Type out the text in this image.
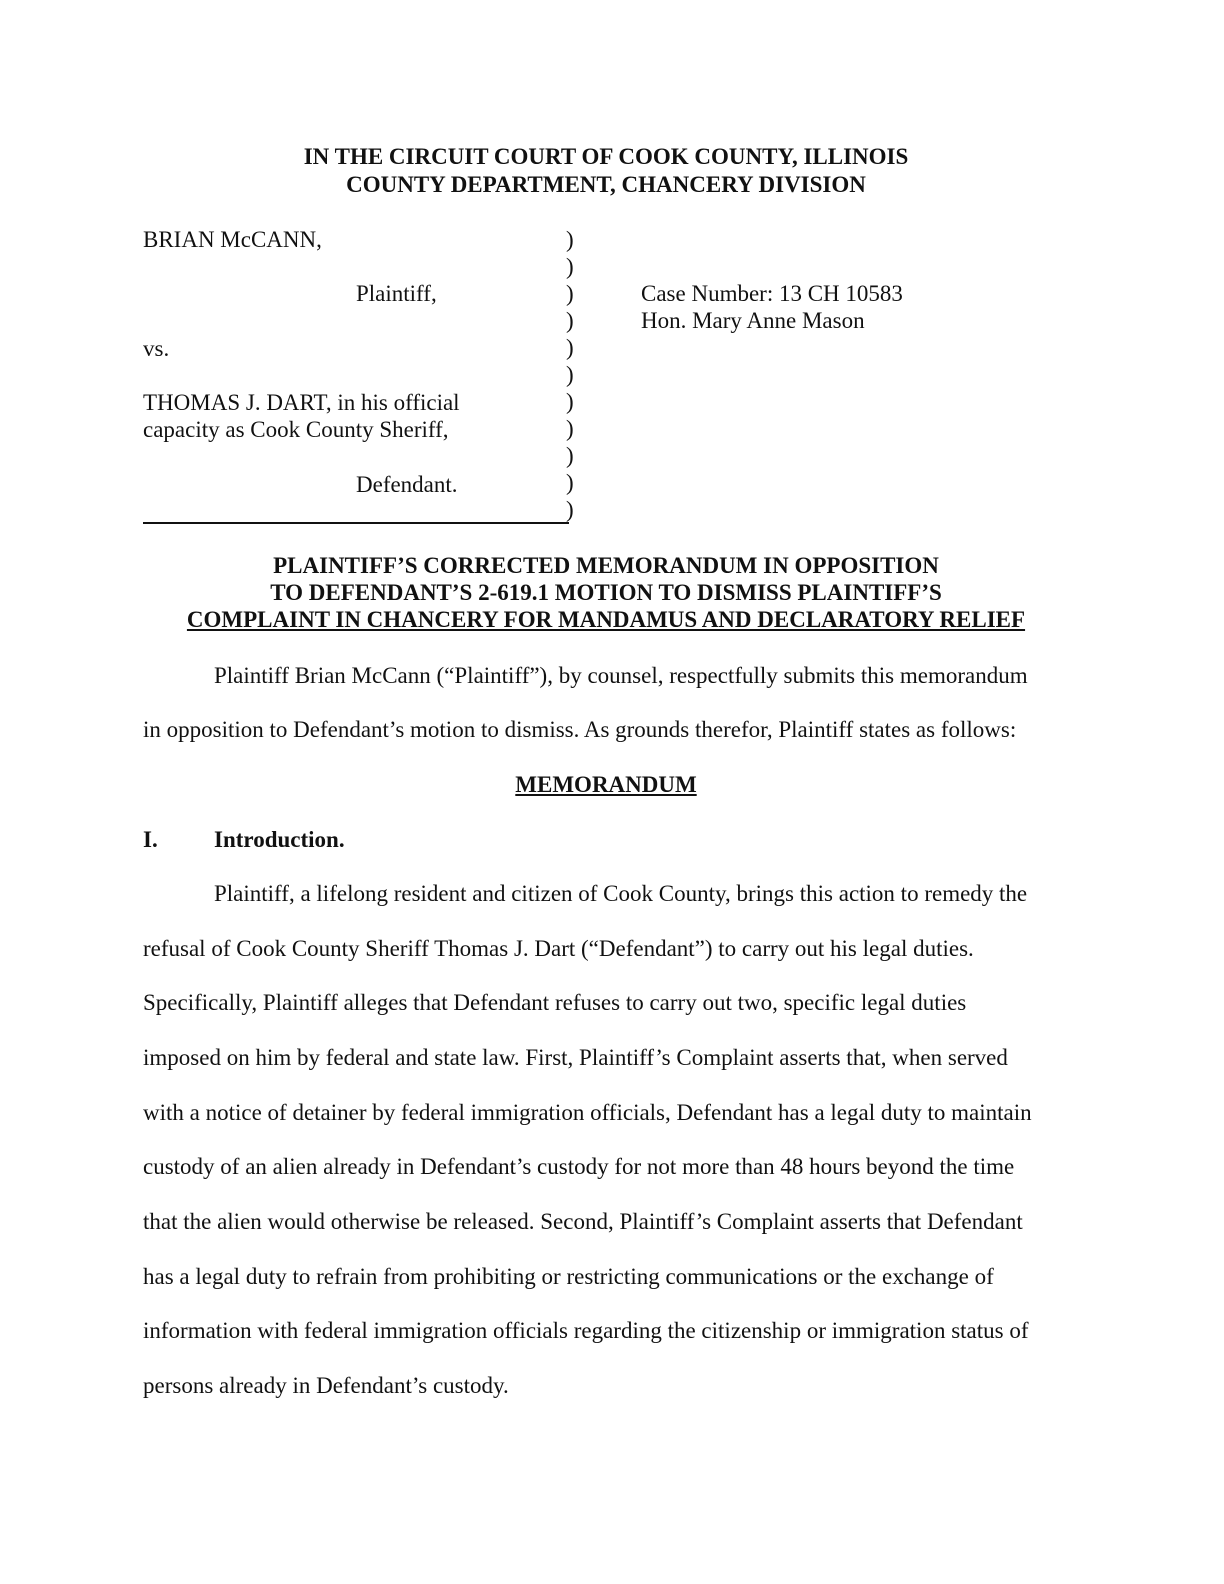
IN THE CIRCUIT COURT OF COOK COUNTY, ILLINOIS
COUNTY DEPARTMENT, CHANCERY DIVISION
BRIAN McCANN,
Plaintiff,
vs.
THOMAS J. DART, in his official
capacity as Cook County Sheriff,
Defendant.
)
)
)
)
)
)
)
)
)
)
)
Case Number: 13 CH 10583
Hon. Mary Anne Mason
PLAINTIFF’S CORRECTED MEMORANDUM IN OPPOSITION
TO DEFENDANT’S 2-619.1 MOTION TO DISMISS PLAINTIFF’S
COMPLAINT IN CHANCERY FOR MANDAMUS AND DECLARATORY RELIEF
Plaintiff Brian McCann (“Plaintiff”), by counsel, respectfully submits this memorandum
in opposition to Defendant’s motion to dismiss. As grounds therefor, Plaintiff states as follows:
MEMORANDUM
I. Introduction.
Plaintiff, a lifelong resident and citizen of Cook County, brings this action to remedy the
refusal of Cook County Sheriff Thomas J. Dart (“Defendant”) to carry out his legal duties.
Specifically, Plaintiff alleges that Defendant refuses to carry out two, specific legal duties
imposed on him by federal and state law. First, Plaintiff’s Complaint asserts that, when served
with a notice of detainer by federal immigration officials, Defendant has a legal duty to maintain
custody of an alien already in Defendant’s custody for not more than 48 hours beyond the time
that the alien would otherwise be released. Second, Plaintiff’s Complaint asserts that Defendant
has a legal duty to refrain from prohibiting or restricting communications or the exchange of
information with federal immigration officials regarding the citizenship or immigration status of
persons already in Defendant’s custody.
